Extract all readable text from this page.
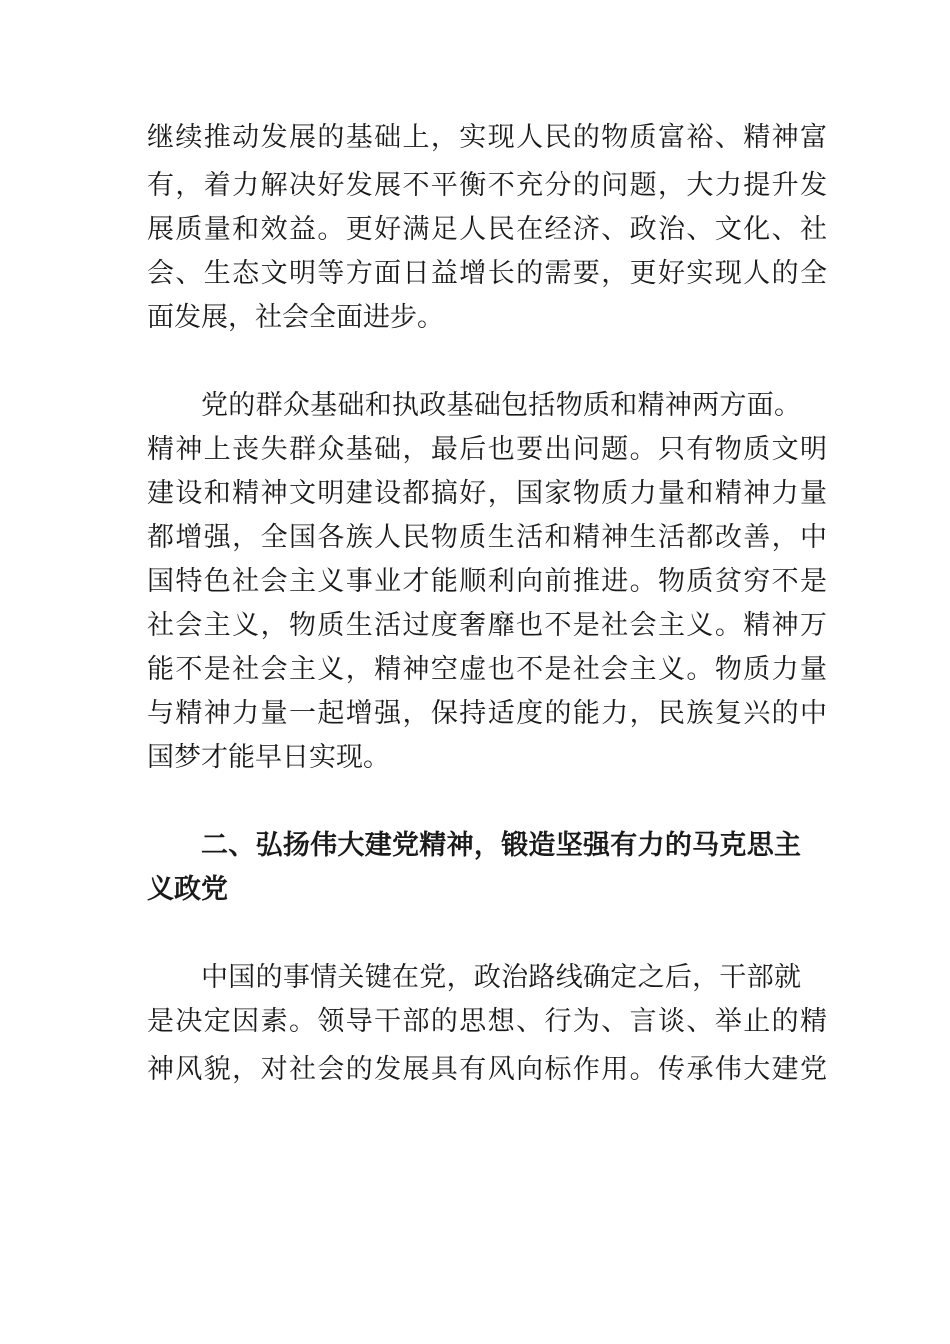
继续推动发展的基础上，实现人民的物质富裕、精神富
有，着力解决好发展不平衡不充分的问题，大力提升发
展质量和效益。更好满足人民在经济、政治、文化、社
会、生态文明等方面日益增长的需要，更好实现人的全
面发展，社会全面进步。
党的群众基础和执政基础包括物质和精神两方面。
精神上丧失群众基础，最后也要出问题。只有物质文明
建设和精神文明建设都搞好，国家物质力量和精神力量
都增强，全国各族人民物质生活和精神生活都改善，中
国特色社会主义事业才能顺利向前推进。物质贫穷不是
社会主义，物质生活过度奢靡也不是社会主义。精神万
能不是社会主义，精神空虚也不是社会主义。物质力量
与精神力量一起增强，保持适度的能力，民族复兴的中
国梦才能早日实现。
二、弘扬伟大建党精神，锻造坚强有力的马克思主
义政党
中国的事情关键在党，政治路线确定之后，干部就
是决定因素。领导干部的思想、行为、言谈、举止的精
神风貌，对社会的发展具有风向标作用。传承伟大建党
